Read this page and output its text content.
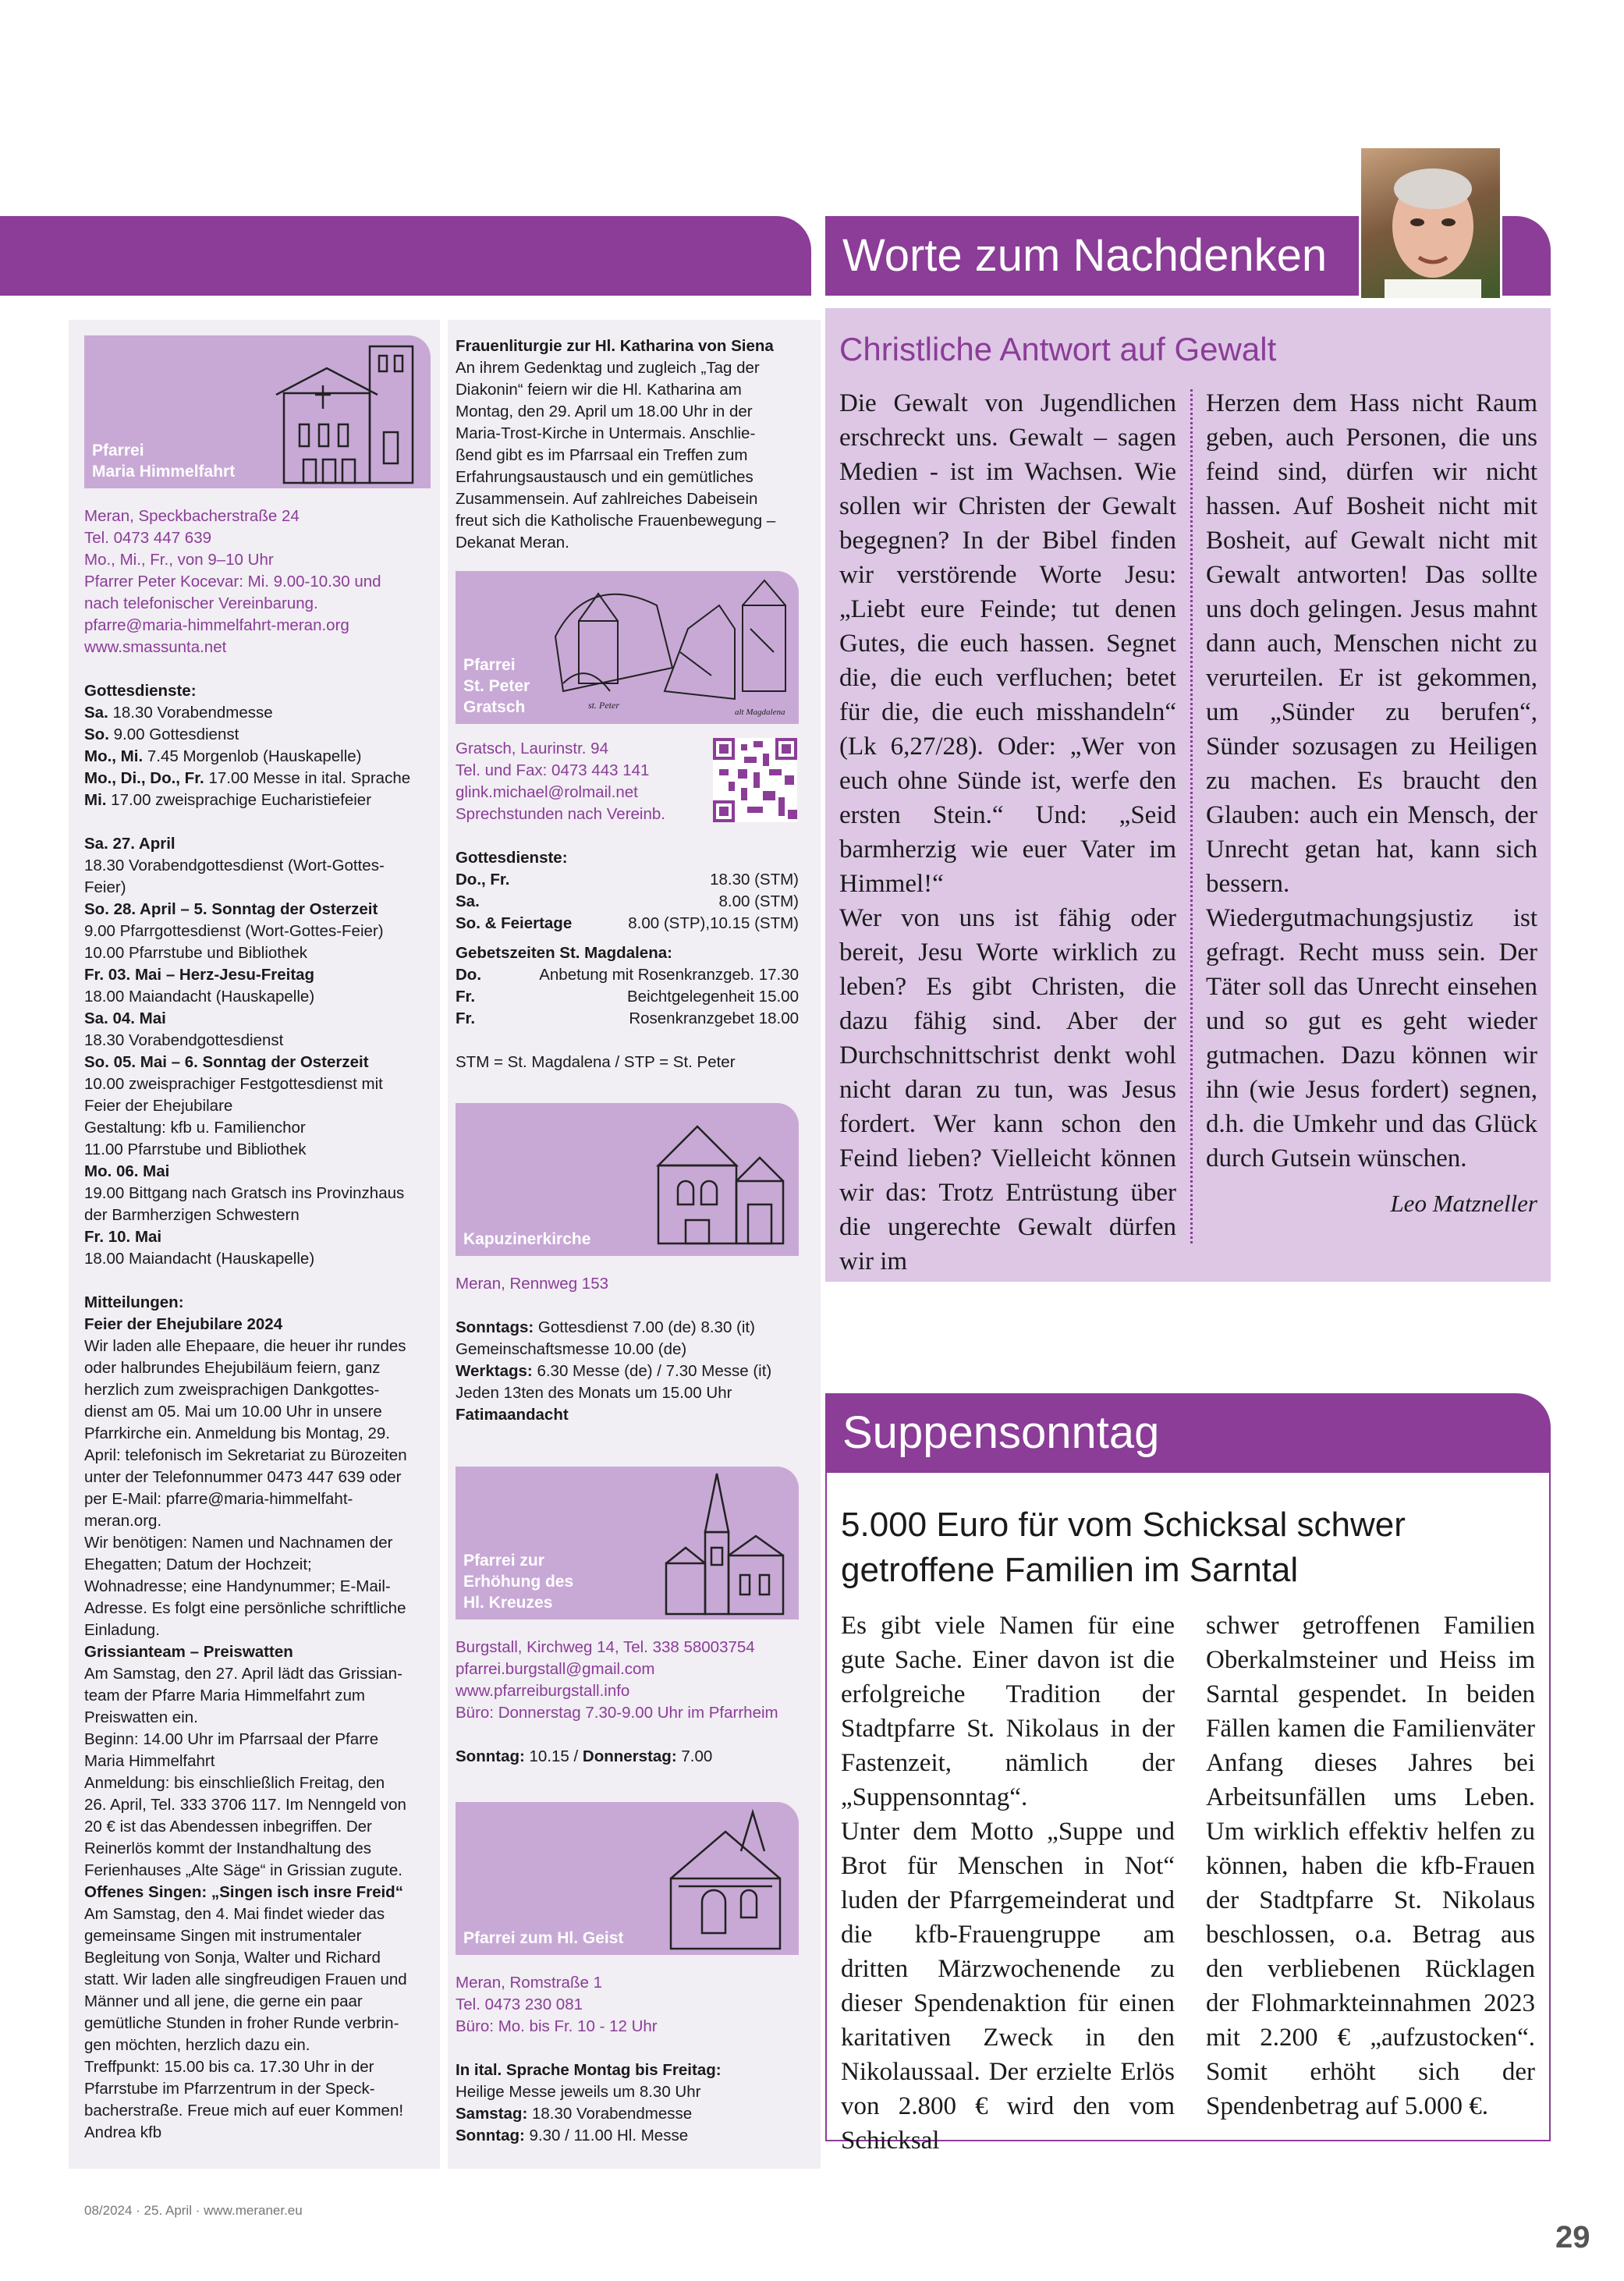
Worte zum Nachdenken
Pfarrei
Maria Himmelfahrt

Meran, Speckbacherstraße 24

Tel. 0473 447 639

Mo., Mi., Fr., von 9–10 Uhr

Pfarrer Peter Kocevar: Mi. 9.00-10.30 und

nach telefonischer Vereinbarung.

pfarre@maria-himmelfahrt-meran.org

www.smassunta.net

Gottesdienste:

Sa. 18.30 Vorabendmesse

So. 9.00 Gottesdienst

Mo., Mi. 7.45 Morgenlob (Hauskapelle)

Mo., Di., Do., Fr. 17.00 Messe in ital. Sprache

Mi. 17.00 zweisprachige Eucharistiefeier

Sa. 27. April

18.30 Vorabendgottesdienst (Wort-Gottes-

Feier)

So. 28. April – 5. Sonntag der Osterzeit

9.00 Pfarrgottesdienst (Wort-Gottes-Feier)

10.00 Pfarrstube und Bibliothek

Fr. 03. Mai – Herz-Jesu-Freitag

18.00 Maiandacht (Hauskapelle)

Sa. 04. Mai

18.30 Vorabendgottesdienst

So. 05. Mai – 6. Sonntag der Osterzeit

10.00 zweisprachiger Festgottesdienst mit

Feier der Ehejubilare

Gestaltung: kfb u. Familienchor

11.00 Pfarrstube und Bibliothek

Mo. 06. Mai

19.00 Bittgang nach Gratsch ins Provinzhaus

der Barmherzigen Schwestern

Fr. 10. Mai

18.00 Maiandacht (Hauskapelle)

Mitteilungen:

Feier der Ehejubilare 2024

Wir laden alle Ehepaare, die heuer ihr rundes

oder halbrundes Ehejubiläum feiern, ganz

herzlich zum zweisprachigen Dankgottes-

dienst am 05. Mai um 10.00 Uhr in unsere

Pfarrkirche ein. Anmeldung bis Montag, 29.

April: telefonisch im Sekretariat zu Bürozeiten

unter der Telefonnummer 0473 447 639 oder

per E-Mail: pfarre@maria-himmelfaht-

meran.org.

Wir benötigen: Namen und Nachnamen der

Ehegatten; Datum der Hochzeit;

Wohnadresse; eine Handynummer; E-Mail-

Adresse. Es folgt eine persönliche schriftliche

Einladung.

Grissianteam – Preiswatten

Am Samstag, den 27. April lädt das Grissian-

team der Pfarre Maria Himmelfahrt zum

Preiswatten ein.

Beginn: 14.00 Uhr im Pfarrsaal der Pfarre

Maria Himmelfahrt

Anmeldung: bis einschließlich Freitag, den

26. April, Tel. 333 3706 117. Im Nenngeld von

20 € ist das Abendessen inbegriffen. Der

Reinerlös kommt der Instandhaltung des

Ferienhauses „Alte Säge“ in Grissian zugute.

Offenes Singen: „Singen isch insre Freid“

Am Samstag, den 4. Mai findet wieder das

gemeinsame Singen mit instrumentaler

Begleitung von Sonja, Walter und Richard

statt. Wir laden alle singfreudigen Frauen und

Männer und all jene, die gerne ein paar

gemütliche Stunden in froher Runde verbrin-

gen möchten, herzlich dazu ein.

Treffpunkt: 15.00 bis ca. 17.30 Uhr in der

Pfarrstube im Pfarrzentrum in der Speck-

bacherstraße. Freue mich auf euer Kommen!

Andrea kfb

Frauenliturgie zur Hl. Katharina von Siena

An ihrem Gedenktag und zugleich „Tag der

Diakonin“ feiern wir die Hl. Katharina am

Montag, den 29. April um 18.00 Uhr in der

Maria-Trost-Kirche in Untermais. Anschlie-

ßend gibt es im Pfarrsaal ein Treffen zum

Erfahrungsaustausch und ein gemütliches

Zusammensein. Auf zahlreiches Dabeisein

freut sich die Katholische Frauenbewegung –

Dekanat Meran.

st. Peter
alt Magdalena
Pfarrei
St. Peter
Gratsch

Gratsch, Laurinstr. 94

Tel. und Fax: 0473 443 141

glink.michael@rolmail.net

Sprechstunden nach Vereinb.

Gottesdienste:

Do., Fr.	18.30 (STM)
Sa.	8.00 (STM)
So. & Feiertage	8.00 (STP),10.15 (STM)

Gebetszeiten St. Magdalena:

Do.	Anbetung mit Rosenkranzgeb. 17.30
Fr.	Beichtgelegenheit 15.00
Fr.	Rosenkranzgebet 18.00

STM = St. Magdalena / STP = St. Peter

Kapuzinerkirche

Meran, Rennweg 153

Sonntags: Gottesdienst 7.00 (de) 8.30 (it)

Gemeinschaftsmesse 10.00 (de)

Werktags: 6.30 Messe (de) / 7.30 Messe (it)

Jeden 13ten des Monats um 15.00 Uhr

Fatimaandacht

Pfarrei zur
Erhöhung des
Hl. Kreuzes

Burgstall, Kirchweg 14, Tel. 338 58003754

pfarrei.burgstall@gmail.com

www.pfarreiburgstall.info

Büro: Donnerstag 7.30-9.00 Uhr im Pfarrheim

Sonntag: 10.15 / Donnerstag: 7.00

Pfarrei zum Hl. Geist

Meran, Romstraße 1

Tel. 0473 230 081

Büro: Mo. bis Fr. 10 - 12 Uhr

In ital. Sprache Montag bis Freitag:

Heilige Messe jeweils um 8.30 Uhr

Samstag: 18.30 Vorabendmesse

Sonntag: 9.30 / 11.00 Hl. Messe

Christliche Antwort auf Gewalt
Die Gewalt von Jugendlichen erschreckt uns. Gewalt – sagen Medien - ist im Wachsen. Wie sollen wir Christen der Gewalt begegnen? In der Bibel finden wir verstörende Worte Jesu: „Liebt eure Feinde; tut denen Gutes, die euch hassen. Segnet die, die euch verfluchen; betet für die, die euch misshandeln“ (Lk 6,27/28). Oder: „Wer von euch ohne Sünde ist, werfe den ersten Stein.“ Und: „Seid barmherzig wie euer Vater im Himmel!“
Wer von uns ist fähig oder bereit, Jesu Worte wirklich zu leben? Es gibt Christen, die dazu fähig sind. Aber der Durchschnittschrist denkt wohl nicht daran zu tun, was Jesus fordert. Wer kann schon den Feind lieben? Vielleicht können wir das: Trotz Entrüstung über die ungerechte Gewalt dürfen wir im
Herzen dem Hass nicht Raum geben, auch Personen, die uns feind sind, dürfen wir nicht hassen. Auf Bosheit nicht mit Bosheit, auf Gewalt nicht mit Gewalt antworten! Das sollte uns doch gelingen. Jesus mahnt dann auch, Menschen nicht zu verurteilen. Er ist gekommen, um „Sünder zu berufen“, Sünder sozusagen zu Heiligen zu machen. Es braucht den Glauben: auch ein Mensch, der Unrecht getan hat, kann sich bessern. Wiedergutmachungsjustiz ist gefragt. Recht muss sein. Der Täter soll das Unrecht einsehen und so gut es geht wieder gutmachen. Dazu können wir ihn (wie Jesus fordert) segnen, d.h. die Umkehr und das Glück durch Gutsein wünschen.
Leo Matzneller
Suppensonntag
5.000 Euro für vom Schicksal schwer getroffene Familien im Sarntal
Es gibt viele Namen für eine gute Sache. Einer davon ist die erfolgreiche Tradition der Stadtpfarre St. Nikolaus in der Fastenzeit, nämlich der „Suppensonntag“.
Unter dem Motto „Suppe und Brot für Menschen in Not“ luden der Pfarrgemeinderat und die kfb-Frauengruppe am dritten Märzwochenende zu dieser Spendenaktion für einen karitativen Zweck in den Nikolaussaal. Der erzielte Erlös von 2.800 € wird den vom Schicksal
schwer getroffenen Familien Oberkalmsteiner und Heiss im Sarntal gespendet. In beiden Fällen kamen die Familienväter Anfang dieses Jahres bei Arbeitsunfällen ums Leben. Um wirklich effektiv helfen zu können, haben die kfb-Frauen der Stadtpfarre St. Nikolaus beschlossen, o.a. Betrag aus den verbliebenen Rücklagen der Flohmarkteinnahmen 2023 mit 2.200 € „aufzustocken“. Somit erhöht sich der Spendenbetrag auf 5.000 €.
08/2024 · 25. April · www.meraner.eu
29
